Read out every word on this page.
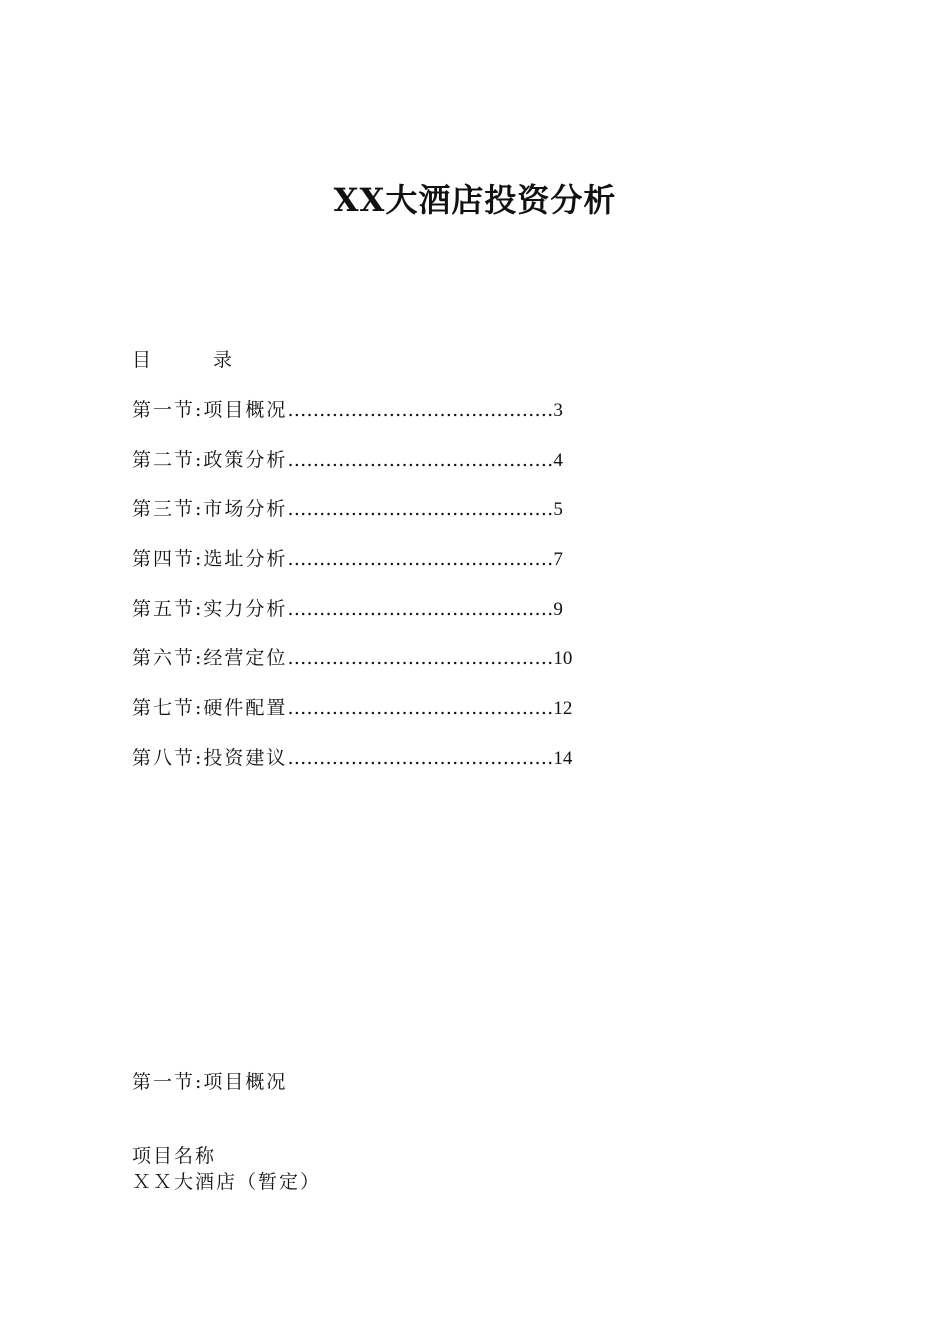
XX大酒店投资分析
目 录
第一节:项目概况 …………………………………… 3
第二节:政策分析 …………………………………… 4
第三节:市场分析 …………………………………… 5
第四节:选址分析 …………………………………… 7
第五节:实力分析 …………………………………… 9
第六节:经营定位 …………………………………… 10
第七节:硬件配置 …………………………………… 12
第八节:投资建议 …………………………………… 14
第一节:项目概况
项目名称
ＸＸ大酒店（暂定）
